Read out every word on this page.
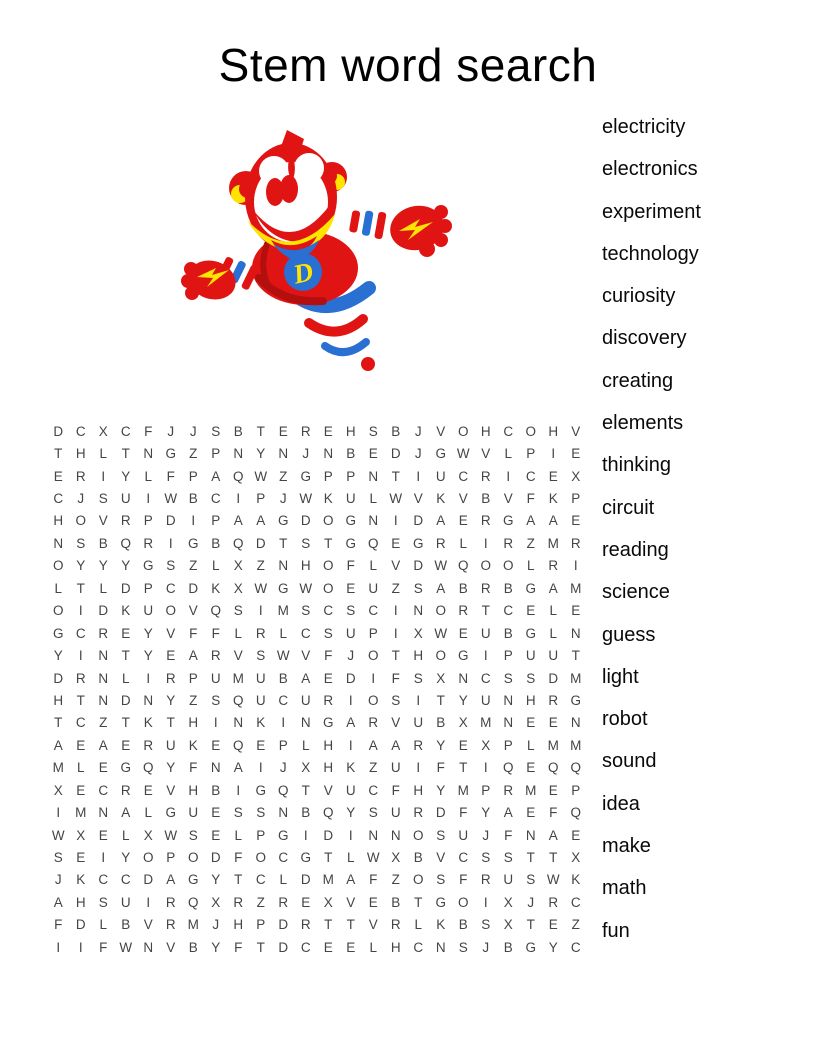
Stem word search
D
electricity
electronics
experiment
technology
curiosity
discovery
creating
elements
thinking
circuit
reading
science
guess
light
robot
sound
idea
make
math
fun
D C X C	F	J	J	S B	T	E R E H S B	J	V O H C O H V
T	H	L	T	N G Z	P N Y N	J	N B E D	J	G W V	L	P	I	E
E R	I	Y	L	F	P A Q W Z G P P N	T	I	U C R	I	C E X
C	J	S U	I	W B C	I	P	J W K U	L W V K V B V	F	K P
H O V R P D	I	P A A G D O G N	I	D A E R G A A E
N S B Q R	I	G B Q D	T	S	T G Q E G R	L	I	R	Z M R
O Y Y Y G S	Z	L	X	Z	N H O F	L	V D W Q O O L	R	I
L	T	L	D P C D K X W G W O E U	Z	S A B R B G A M
O	I	D K U O V Q S	I	M S C S C	I	N O R	T	C E	L	E
G C R E Y V	F	F	L	R	L	C S U P	I	X W E U B G L	N
Y	I	N	T	Y E A R V S W V	F	J	O T	H O G	I	P U U	T
D R N	L	I	R P U M U B A E D	I	F	S X N C S S D M
H	T	N D N Y	Z	S Q U C U R	I	O S	I	T	Y U N H R G
T	C	Z	T	K	T	H	I	N K	I	N G A R V U B X M N E E N
A E A E R U K E Q E P	L	H	I	A A R Y E X P	L M M
M L	E G Q Y	F	N A	I	J	X H K	Z	U	I	F	T	I	Q E Q Q
X E C R E V H B	I	G Q T	V U C	F	H Y M P R M E P
I	M N A	L G U E S S N B Q Y S U R D	F	Y A E	F Q
W X E	L	X W S E	L	P G	I	D	I	N N O S U	J	F	N A E
S E	I	Y O P O D	F O C G T	L W X B V C S S	T	T	X
J	K C C D A G Y	T	C	L	D M A	F	Z O S	F	R U S W K
A H S U	I	R Q X R	Z	R E X V E B	T G O	I	X	J	R C
F	D	L	B V R M	J	H P D R	T	T	V R	L	K B S X	T	E	Z
I	I	F W N V B Y	F	T	D C E E	L	H C N S	J	B G Y C
